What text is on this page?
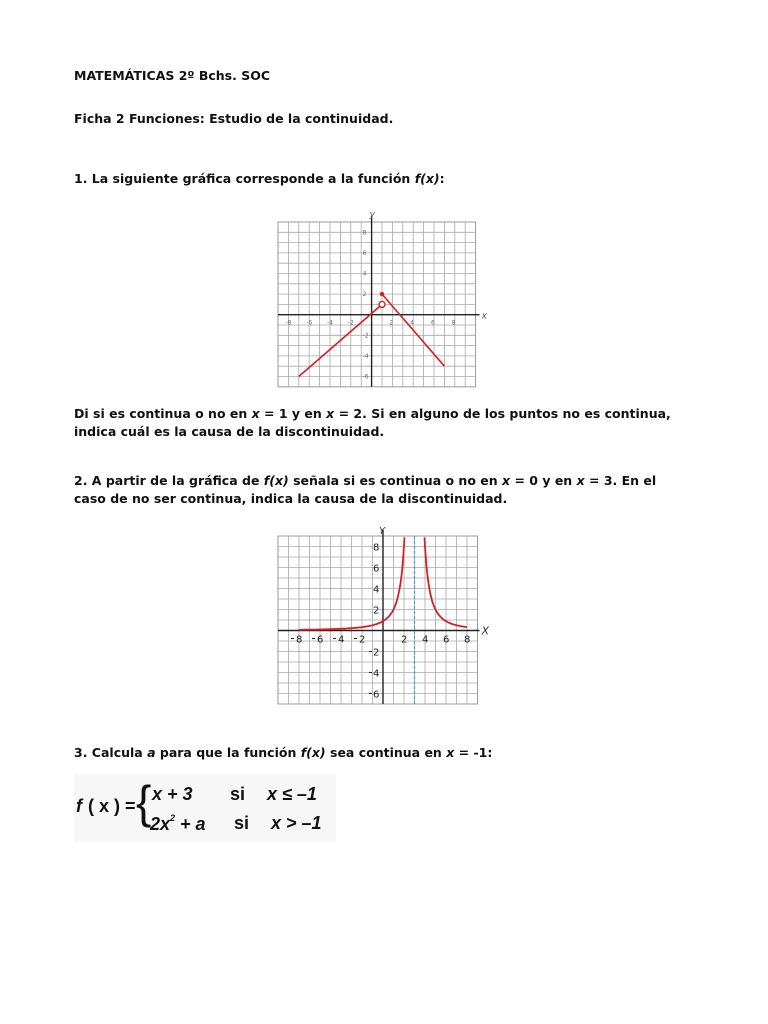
MATEMÁTICAS 2º Bchs. SOC
Ficha 2 Funciones: Estudio de la continuidad.
1. La siguiente gráfica corresponde a la función f(x):
x
y
-8 -6 -4 -2	2	4	6	8
8
6
4
2
-2
-4
-6
Di si es continua o no en x = 1 y en x = 2. Si en alguno de los puntos no es continua,
indica cuál es la causa de la discontinuidad.
2. A partir de la gráfica de f(x) señala si es continua o no en x = 0 y en x = 3. En el
caso de no ser continua, indica la causa de la discontinuidad.
X
Y
8 6 4 2	2 4 6 8
8
6
4
2
2
4
6
3. Calcula a para que la función f(x) sea continua en x = -1:
f ( x ) = { x + 3 si x ≤ –1
$2x^2 + a$ si x > –1
